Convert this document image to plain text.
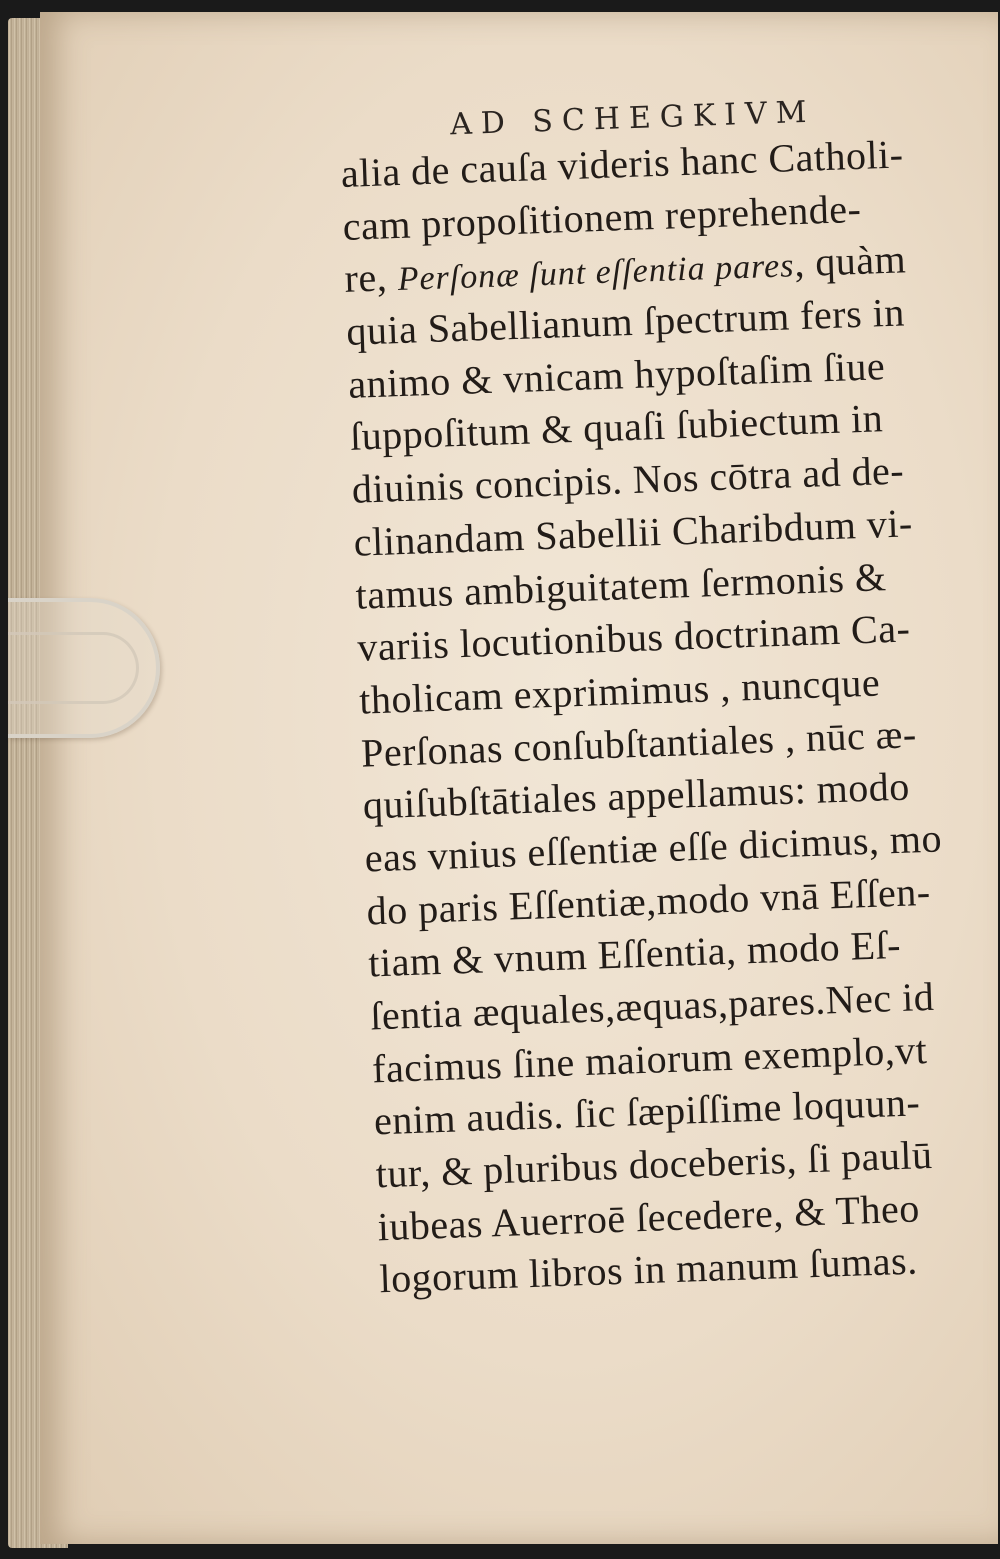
AD SCHEGKIVM
alia de cauſa videris hanc Catholi-
cam propoſitionem reprehende-
re, Perſonæ ſunt eſſentia pares, quàm
quia Sabellianum ſpectrum fers in
animo & vnicam hypoſtaſim ſiue
ſuppoſitum & quaſi ſubiectum in
diuinis concipis. Nos cōtra ad de-
clinandam Sabellii Charibdum vi-
tamus ambiguitatem ſermonis &
variis locutionibus doctrinam Ca-
tholicam exprimimus , nuncque
Perſonas conſubſtantiales , nūc æ-
quiſubſtātiales appellamus: modo
eas vnius eſſentiæ eſſe dicimus, mo
do paris Eſſentiæ,modo vnā Eſſen-
tiam & vnum Eſſentia, modo Eſ-
ſentia æquales,æquas,pares.Nec id
facimus ſine maiorum exemplo,vt
enim audis. ſic ſæpiſſime loquun-
tur, & pluribus doceberis, ſi paulū
iubeas Auerroē ſecedere, & Theo
logorum libros in manum ſumas.
